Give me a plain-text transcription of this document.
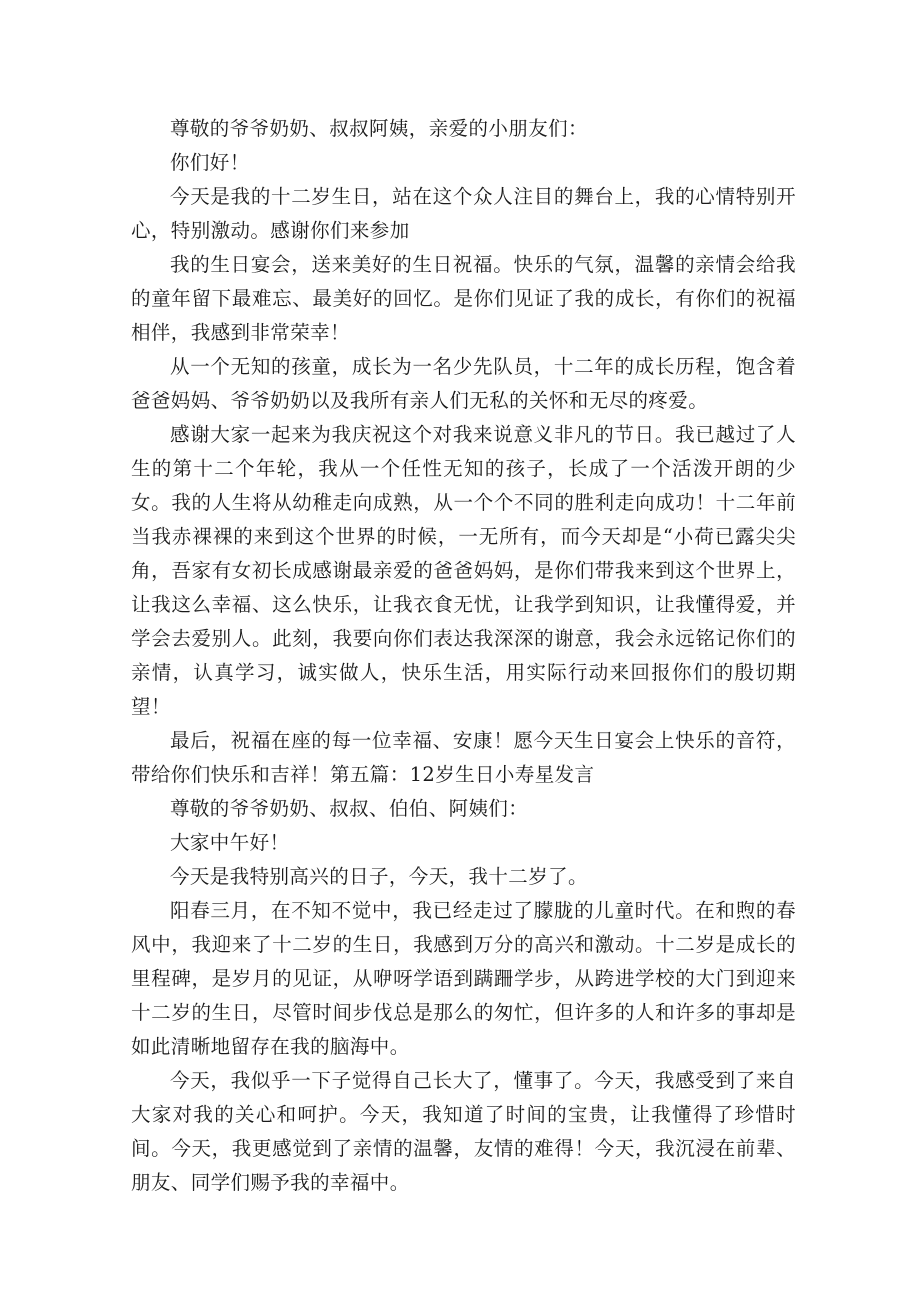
尊敬的爷爷奶奶、叔叔阿姨，亲爱的小朋友们：

你们好！

今天是我的十二岁生日，站在这个众人注目的舞台上，我的心情特别开心，特别激动。感谢你们来参加

我的生日宴会，送来美好的生日祝福。快乐的气氛，温馨的亲情会给我的童年留下最难忘、最美好的回忆。是你们见证了我的成长，有你们的祝福相伴，我感到非常荣幸！

从一个无知的孩童，成长为一名少先队员，十二年的成长历程，饱含着爸爸妈妈、爷爷奶奶以及我所有亲人们无私的关怀和无尽的疼爱。

感谢大家一起来为我庆祝这个对我来说意义非凡的节日。我已越过了人生的第十二个年轮，我从一个任性无知的孩子，长成了一个活泼开朗的少女。我的人生将从幼稚走向成熟，从一个个不同的胜利走向成功！十二年前当我赤裸裸的来到这个世界的时候，一无所有，而今天却是“小荷已露尖尖角，吾家有女初长成感谢最亲爱的爸爸妈妈，是你们带我来到这个世界上，让我这么幸福、这么快乐，让我衣食无忧，让我学到知识，让我懂得爱，并学会去爱别人。此刻，我要向你们表达我深深的谢意，我会永远铭记你们的亲情，认真学习，诚实做人，快乐生活，用实际行动来回报你们的殷切期望！

最后，祝福在座的每一位幸福、安康！愿今天生日宴会上快乐的音符，带给你们快乐和吉祥！第五篇：12岁生日小寿星发言

尊敬的爷爷奶奶、叔叔、伯伯、阿姨们：

大家中午好！

今天是我特别高兴的日子，今天，我十二岁了。

阳春三月，在不知不觉中，我已经走过了朦胧的儿童时代。在和煦的春风中，我迎来了十二岁的生日，我感到万分的高兴和激动。十二岁是成长的里程碑，是岁月的见证，从咿呀学语到蹒跚学步，从跨进学校的大门到迎来十二岁的生日，尽管时间步伐总是那么的匆忙，但许多的人和许多的事却是如此清晰地留存在我的脑海中。

今天，我似乎一下子觉得自己长大了，懂事了。今天，我感受到了来自大家对我的关心和呵护。今天，我知道了时间的宝贵，让我懂得了珍惜时间。今天，我更感觉到了亲情的温馨，友情的难得！今天，我沉浸在前辈、朋友、同学们赐予我的幸福中。
